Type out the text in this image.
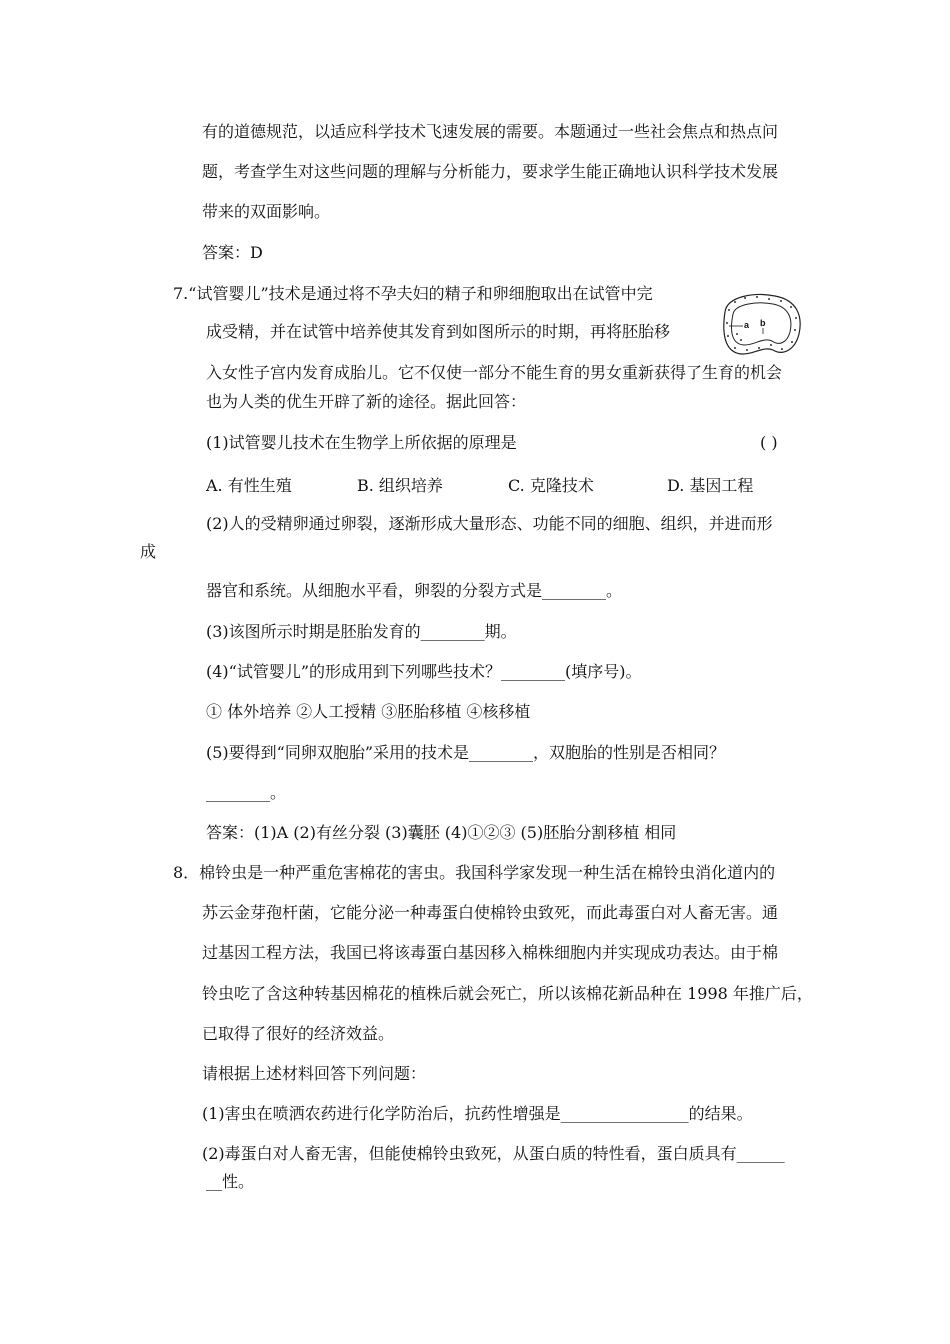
有的道德规范，以适应科学技术飞速发展的需要。本题通过一些社会焦点和热点问
题，考查学生对这些问题的理解与分析能力，要求学生能正确地认识科学技术发展
带来的双面影响。
答案：D
7.“试管婴儿”技术是通过将不孕夫妇的精子和卵细胞取出在试管中完
成受精，并在试管中培养使其发育到如图所示的时期，再将胚胎移
入女性子宫内发育成胎儿。它不仅使一部分不能生育的男女重新获得了生育的机会
也为人类的优生开辟了新的途径。据此回答：
a b
(1)试管婴儿技术在生物学上所依据的原理是	( )
A. 有性生殖	B. 组织培养	C. 克隆技术	D. 基因工程
(2)人的受精卵通过卵裂，逐渐形成大量形态、功能不同的细胞、组织，并进而形
成
器官和系统。从细胞水平看，卵裂的分裂方式是________。
(3)该图所示时期是胚胎发育的________期。
(4)“试管婴儿”的形成用到下列哪些技术？________(填序号)。
① 体外培养 ②人工授精 ③胚胎移植 ④核移植
(5)要得到“同卵双胞胎”采用的技术是________，双胞胎的性别是否相同？
________。
答案：(1)A (2)有丝分裂 (3)囊胚 (4)①②③ (5)胚胎分割移植 相同
8．棉铃虫是一种严重危害棉花的害虫。我国科学家发现一种生活在棉铃虫消化道内的
苏云金芽孢杆菌，它能分泌一种毒蛋白使棉铃虫致死，而此毒蛋白对人畜无害。通
过基因工程方法，我国已将该毒蛋白基因移入棉株细胞内并实现成功表达。由于棉
铃虫吃了含这种转基因棉花的植株后就会死亡，所以该棉花新品种在 1998 年推广后，
已取得了很好的经济效益。
请根据上述材料回答下列问题：
(1)害虫在喷洒农药进行化学防治后，抗药性增强是________________的结果。
(2)毒蛋白对人畜无害，但能使棉铃虫致死，从蛋白质的特性看，蛋白质具有______
__性。
